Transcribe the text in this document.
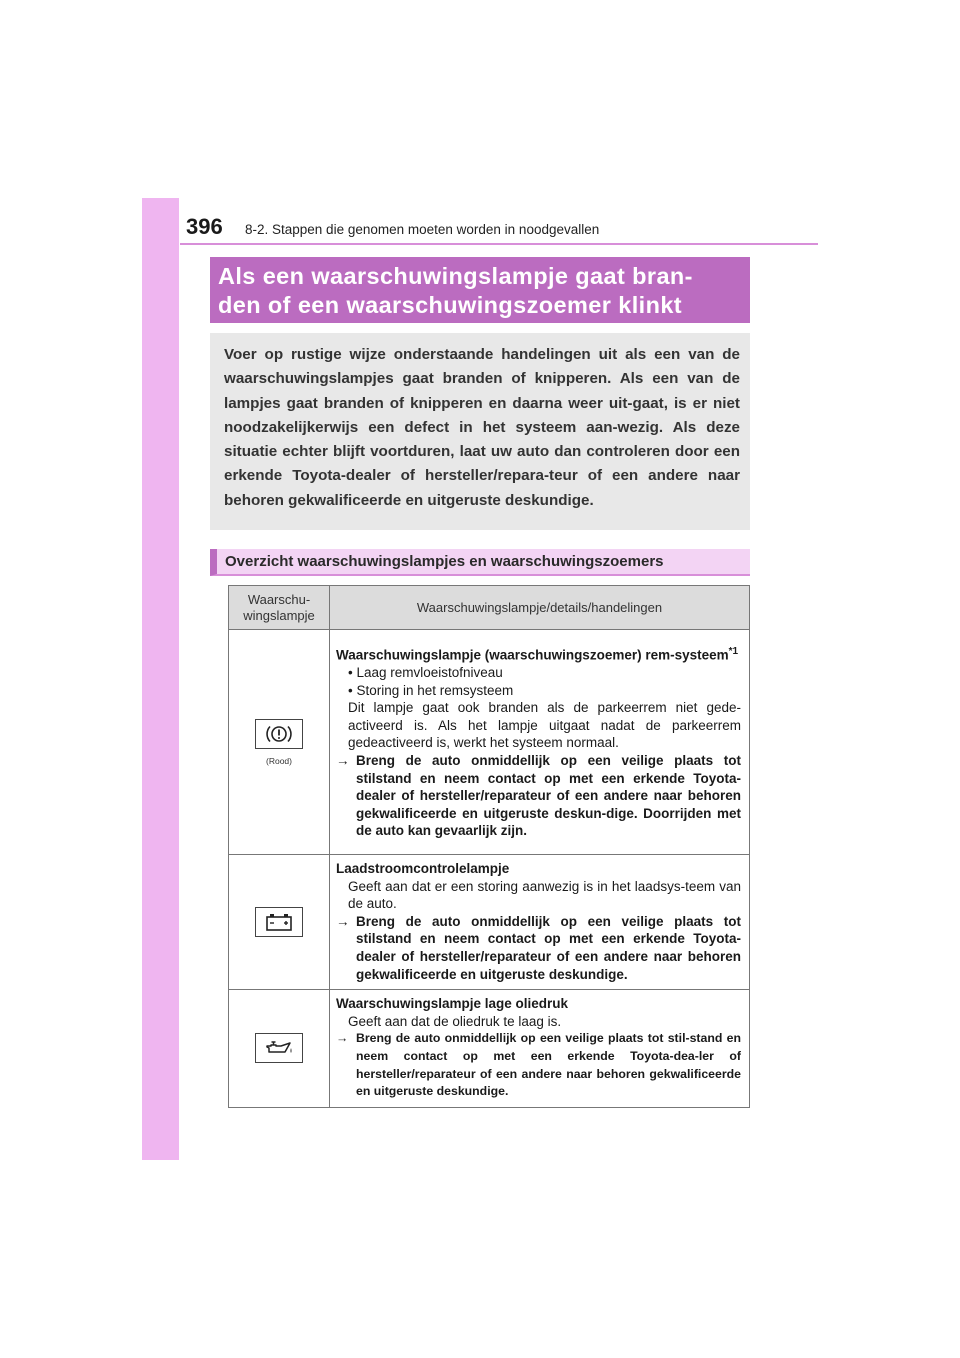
396 8-2. Stappen die genomen moeten worden in noodgevallen
Als een waarschuwingslampje gaat bran-
den of een waarschuwingszoemer klinkt
Voer op rustige wijze onderstaande handelingen uit als een van de waarschuwingslampjes gaat branden of knipperen. Als een van de lampjes gaat branden of knipperen en daarna weer uit-gaat, is er niet noodzakelijkerwijs een defect in het systeem aan-wezig. Als deze situatie echter blijft voortduren, laat uw auto dan controleren door een erkende Toyota-dealer of hersteller/repara-teur of een andere naar behoren gekwalificeerde en uitgeruste deskundige.
Overzicht waarschuwingslampjes en waarschuwingszoemers
Waarschu-
wingslampje	Waarschuwingslampje/details/handelingen

(Rood)	Waarschuwingslampje (waarschuwingszoemer) rem-systeem$^{*1}$
• Laag remvloeistofniveau
• Storing in het remsysteem
Dit lampje gaat ook branden als de parkeerrem niet gede-activeerd is. Als het lampje uitgaat nadat de parkeerrem gedeactiveerd is, werkt het systeem normaal.
→ Breng de auto onmiddellijk op een veilige plaats tot stilstand en neem contact op met een erkende Toyota-dealer of hersteller/reparateur of een andere naar behoren gekwalificeerde en uitgeruste deskun-dige. Doorrijden met de auto kan gevaarlijk zijn.

Laadstroomcontrolelampje
Geeft aan dat er een storing aanwezig is in het laadsys-teem van de auto.
→ Breng de auto onmiddellijk op een veilige plaats tot stilstand en neem contact op met een erkende Toyota-dealer of hersteller/reparateur of een andere naar behoren gekwalificeerde en uitgeruste deskundige.

Waarschuwingslampje lage oliedruk
Geeft aan dat de oliedruk te laag is.
→ Breng de auto onmiddellijk op een veilige plaats tot stil-stand en neem contact op met een erkende Toyota-dea-ler of hersteller/reparateur of een andere naar behoren gekwalificeerde en uitgeruste deskundige.
